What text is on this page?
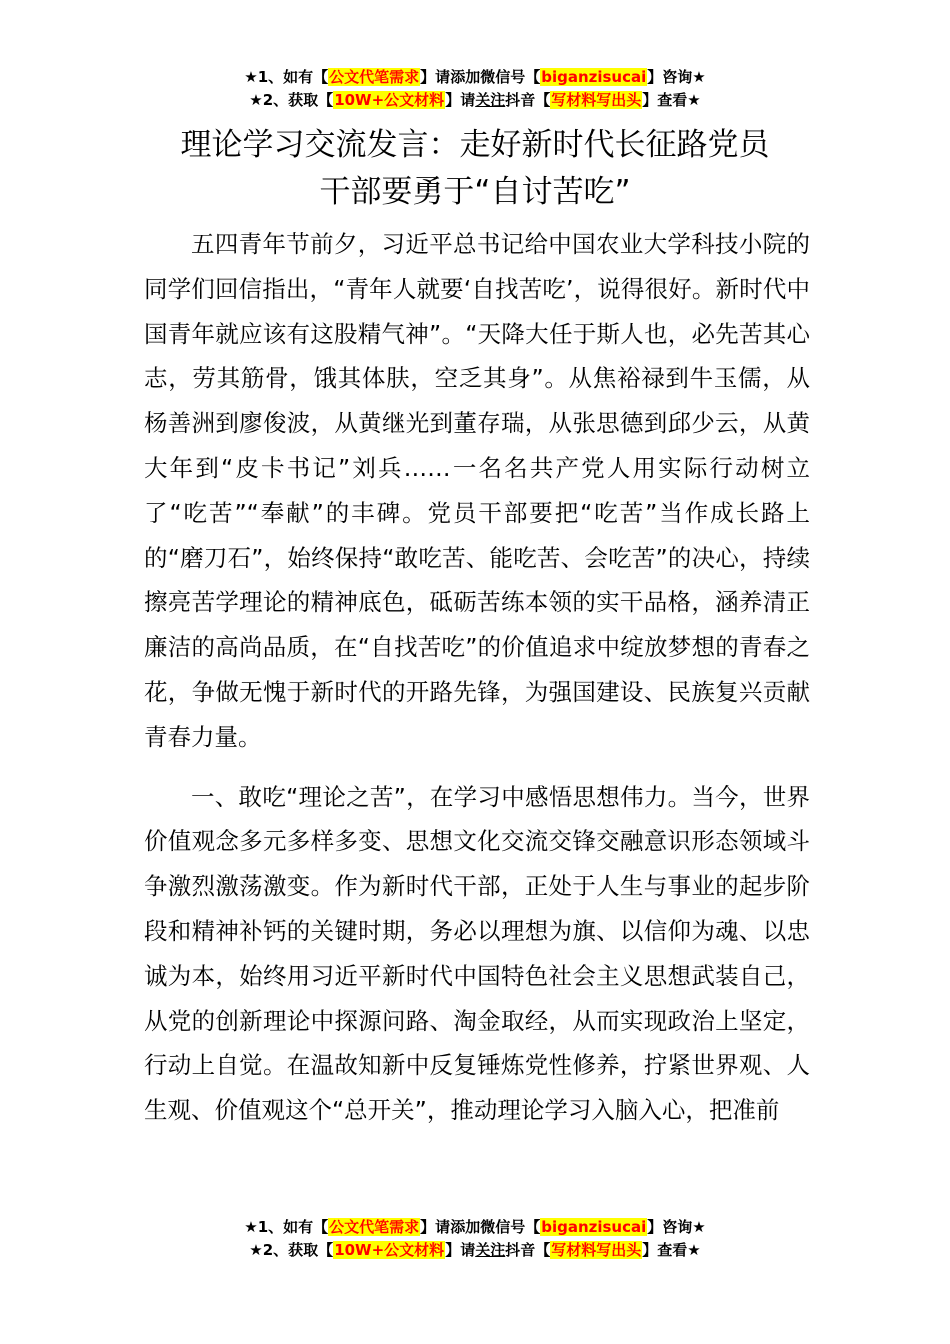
★1、如有【公文代笔需求】请添加微信号【biganzisucai】咨询★
★2、获取【10W+公文材料】请关注抖音【写材料写出头】查看★
理论学习交流发言：走好新时代长征路党员
干部要勇于“自讨苦吃”

五四青年节前夕，习近平总书记给中国农业大学科技小院的同学们回信指出，“青年人就要‘自找苦吃’，说得很好。新时代中国青年就应该有这股精气神”。“天降大任于斯人也，必先苦其心志，劳其筋骨，饿其体肤，空乏其身”。从焦裕禄到牛玉儒，从杨善洲到廖俊波，从黄继光到董存瑞，从张思德到邱少云，从黄大年到“皮卡书记”刘兵……一名名共产党人用实际行动树立了“吃苦”“奉献”的丰碑。党员干部要把“吃苦”当作成长路上的“磨刀石”，始终保持“敢吃苦、能吃苦、会吃苦”的决心，持续擦亮苦学理论的精神底色，砥砺苦练本领的实干品格，涵养清正廉洁的高尚品质，在“自找苦吃”的价值追求中绽放梦想的青春之花，争做无愧于新时代的开路先锋，为强国建设、民族复兴贡献青春力量。

一、敢吃“理论之苦”，在学习中感悟思想伟力。当今，世界价值观念多元多样多变、思想文化交流交锋交融意识形态领域斗争激烈激荡激变。作为新时代干部，正处于人生与事业的起步阶段和精神补钙的关键时期，务必以理想为旗、以信仰为魂、以忠诚为本，始终用习近平新时代中国特色社会主义思想武装自己，从党的创新理论中探源问路、淘金取经，从而实现政治上坚定，行动上自觉。在温故知新中反复锤炼党性修养，拧紧世界观、人生观、价值观这个“总开关”，推动理论学习入脑入心，把准前

★1、如有【公文代笔需求】请添加微信号【biganzisucai】咨询★
★2、获取【10W+公文材料】请关注抖音【写材料写出头】查看★
